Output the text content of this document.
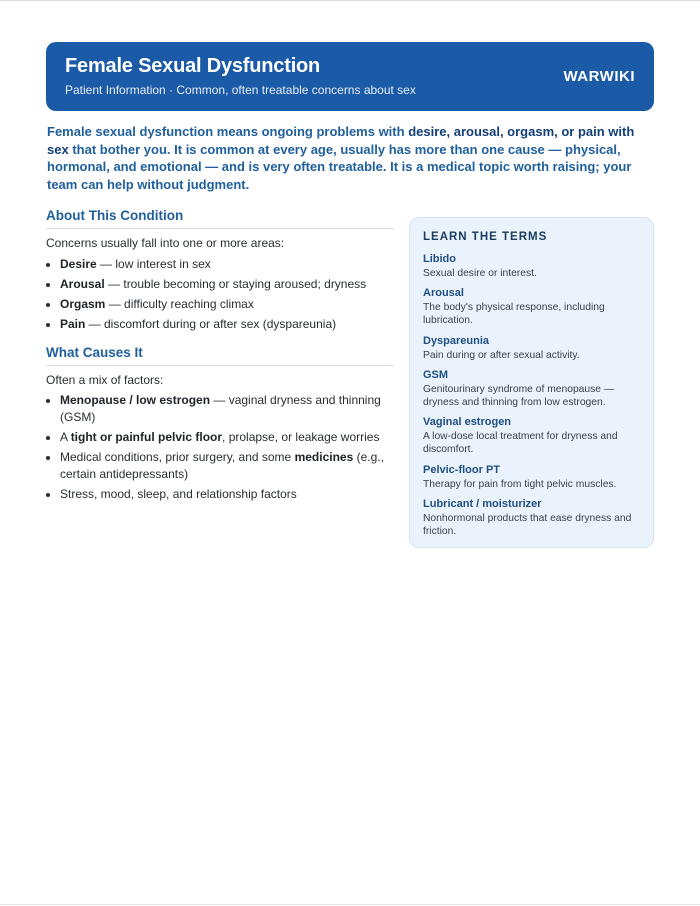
Female Sexual Dysfunction
Patient Information · Common, often treatable concerns about sex
WARWIKI
Female sexual dysfunction means ongoing problems with desire, arousal, orgasm, or pain with sex that bother you. It is common at every age, usually has more than one cause — physical, hormonal, and emotional — and is very often treatable. It is a medical topic worth raising; your team can help without judgment.
About This Condition
Concerns usually fall into one or more areas:
• Desire — low interest in sex
• Arousal — trouble becoming or staying aroused; dryness
• Orgasm — difficulty reaching climax
• Pain — discomfort during or after sex (dyspareunia)
What Causes It
Often a mix of factors:
• Menopause / low estrogen — vaginal dryness and thinning (GSM)
• A tight or painful pelvic floor, prolapse, or leakage worries
• Medical conditions, prior surgery, and some medicines (e.g., certain antidepressants)
• Stress, mood, sleep, and relationship factors
LEARN THE TERMS
Libido
Sexual desire or interest.
Arousal
The body's physical response, including lubrication.
Dyspareunia
Pain during or after sexual activity.
GSM
Genitourinary syndrome of menopause — dryness and thinning from low estrogen.
Vaginal estrogen
A low-dose local treatment for dryness and discomfort.
Pelvic-floor PT
Therapy for pain from tight pelvic muscles.
Lubricant / moisturizer
Nonhormonal products that ease dryness and friction.
